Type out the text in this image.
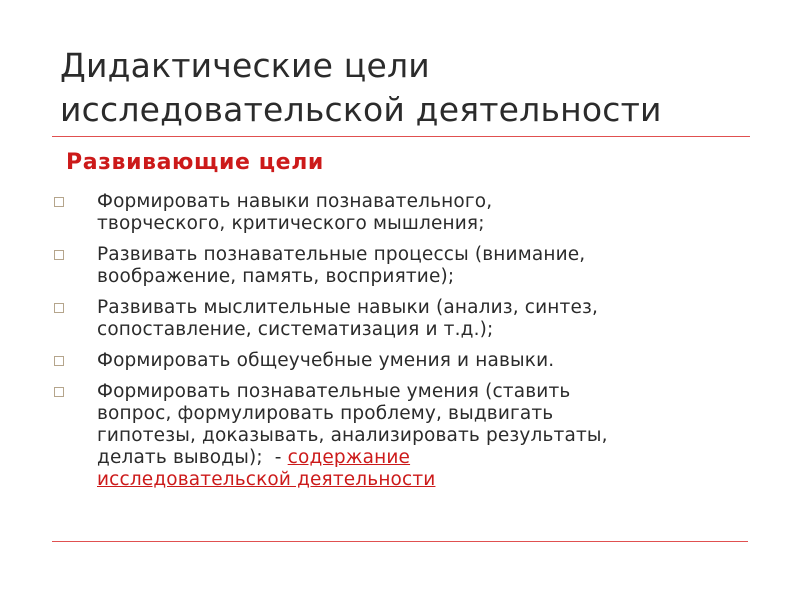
Дидактические цели
исследовательской деятельности
Развивающие цели
Формировать навыки познавательного,
творческого, критического мышления;
Развивать познавательные процессы (внимание,
воображение, память, восприятие);
Развивать мыслительные навыки (анализ, синтез,
сопоставление, систематизация и т.д.);
Формировать общеучебные умения и навыки.
Формировать познавательные умения (ставить
вопрос, формулировать проблему, выдвигать
гипотезы, доказывать, анализировать результаты,
делать выводы);  - содержание
исследовательской деятельности
